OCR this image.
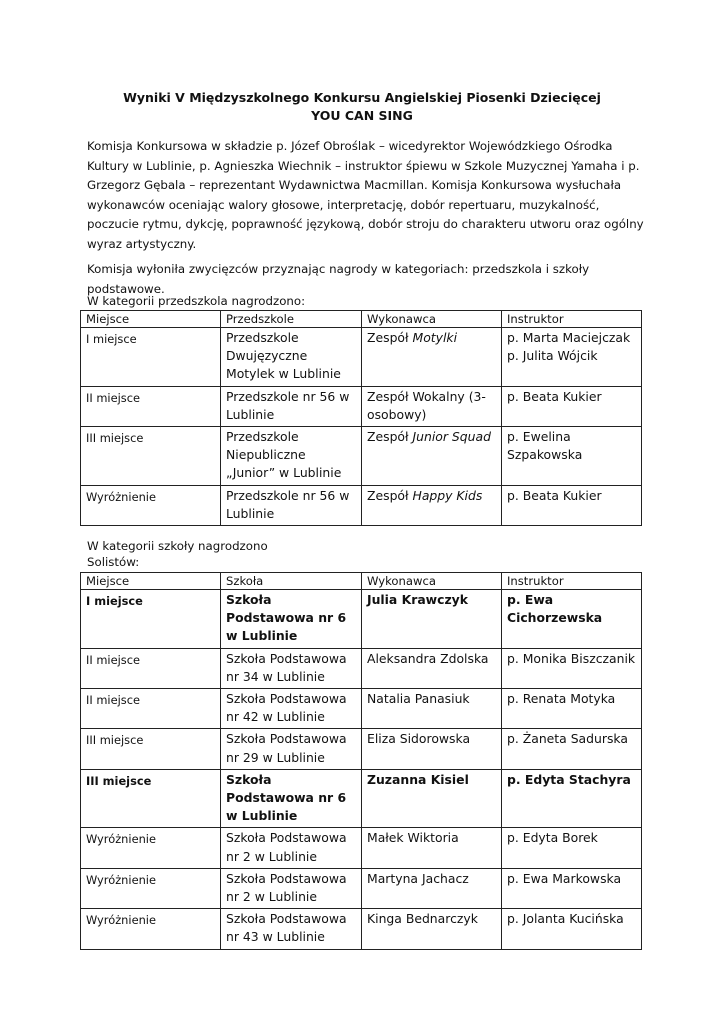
Wyniki V Międzyszkolnego Konkursu Angielskiej Piosenki Dziecięcej
YOU CAN SING
Komisja Konkursowa w składzie p. Józef Obroślak – wicedyrektor Wojewódzkiego Ośrodka Kultury w Lublinie, p. Agnieszka Wiechnik – instruktor śpiewu w Szkole Muzycznej Yamaha i p. Grzegorz Gębala – reprezentant Wydawnictwa Macmillan. Komisja Konkursowa wysłuchała wykonawców oceniając walory głosowe, interpretację, dobór repertuaru, muzykalność, poczucie rytmu, dykcję, poprawność językową, dobór stroju do charakteru utworu oraz ogólny wyraz artystyczny.
Komisja wyłoniła zwycięzców przyznając nagrody w kategoriach: przedszkola i szkoły podstawowe.
W kategorii przedszkola nagrodzono:
Miejsce	Przedszkole	Wykonawca	Instruktor
I miejsce	Przedszkole Dwujęzyczne Motylek w Lublinie	Zespół Motylki	p. Marta Maciejczak p. Julita Wójcik
II miejsce	Przedszkole nr 56 w Lublinie	Zespół Wokalny (3-osobowy)	p. Beata Kukier
III miejsce	Przedszkole Niepubliczne „Junior” w Lublinie	Zespół Junior Squad	p. Ewelina Szpakowska
Wyróżnienie	Przedszkole nr 56 w Lublinie	Zespół Happy Kids	p. Beata Kukier
W kategorii szkoły nagrodzono
Solistów:
Miejsce	Szkoła	Wykonawca	Instruktor
I miejsce	Szkoła Podstawowa nr 6 w Lublinie	Julia Krawczyk	p. Ewa Cichorzewska
II miejsce	Szkoła Podstawowa nr 34 w Lublinie	Aleksandra Zdolska	p. Monika Biszczanik
II miejsce	Szkoła Podstawowa nr 42 w Lublinie	Natalia Panasiuk	p. Renata Motyka
III miejsce	Szkoła Podstawowa nr 29 w Lublinie	Eliza Sidorowska	p. Żaneta Sadurska
III miejsce	Szkoła Podstawowa nr 6 w Lublinie	Zuzanna Kisiel	p. Edyta Stachyra
Wyróżnienie	Szkoła Podstawowa nr 2 w Lublinie	Małek Wiktoria	p. Edyta Borek
Wyróżnienie	Szkoła Podstawowa nr 2 w Lublinie	Martyna Jachacz	p. Ewa Markowska
Wyróżnienie	Szkoła Podstawowa nr 43 w Lublinie	Kinga Bednarczyk	p. Jolanta Kucińska
